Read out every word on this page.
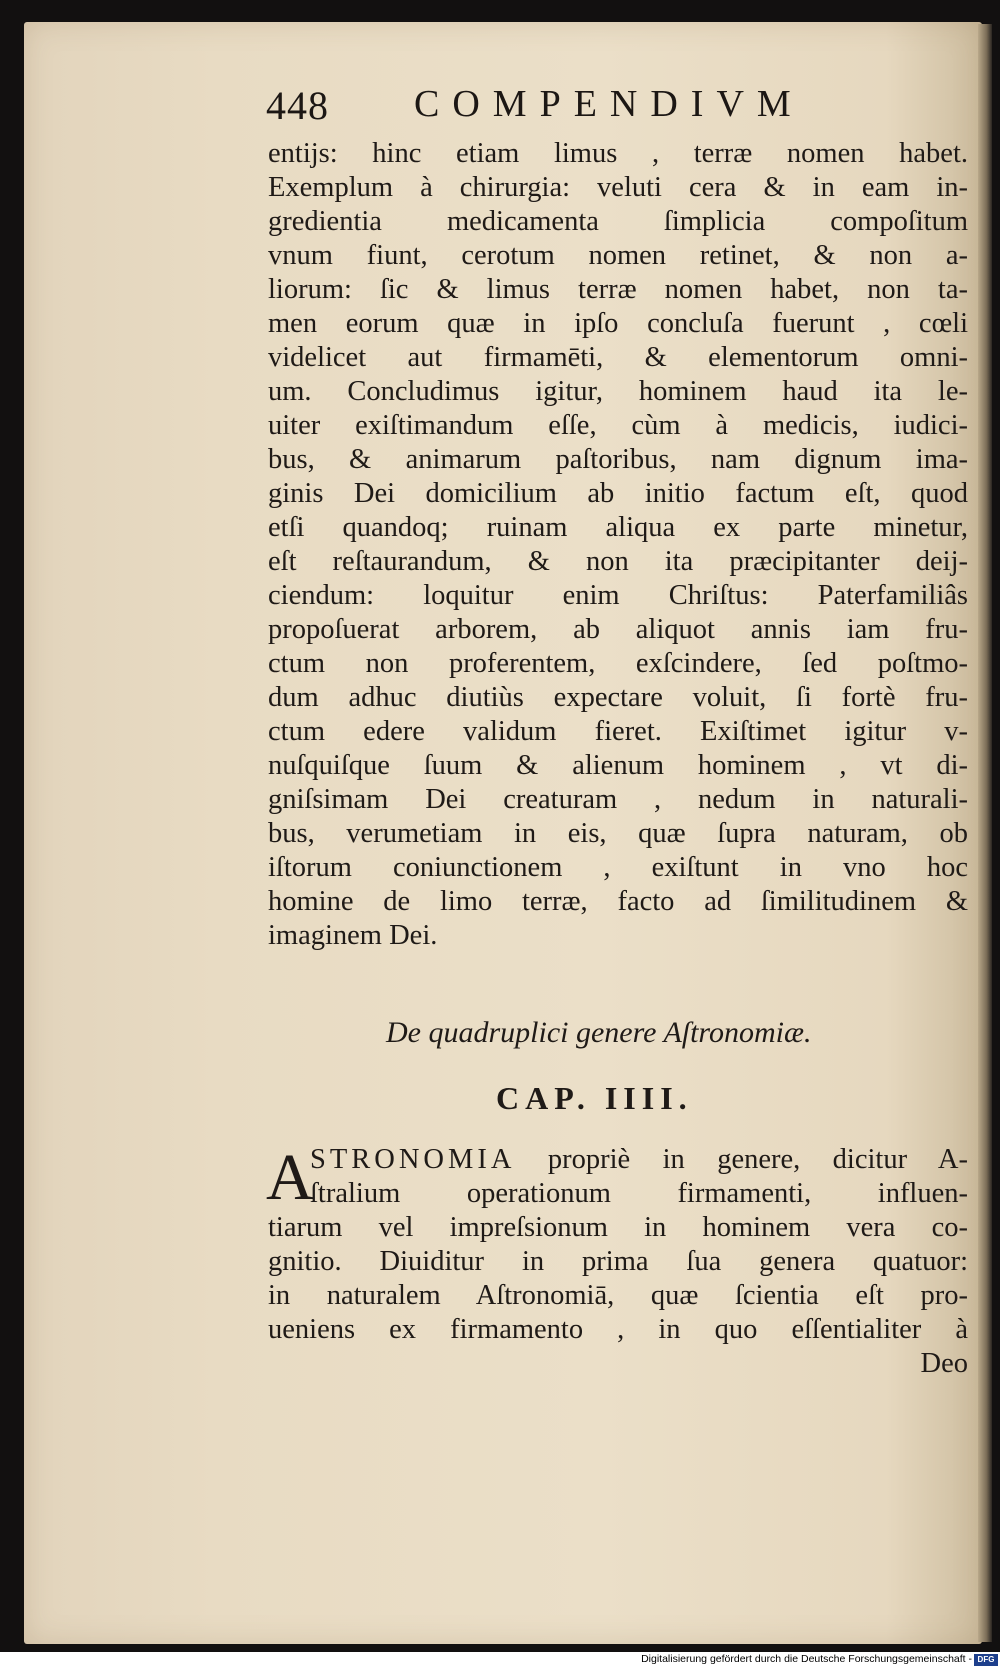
448 COMPENDIVM
entijs: hinc etiam limus , terræ nomen habet.
Exemplum à chirurgia: veluti cera & in eam in-
gredientia medicamenta ſimplicia compoſitum
vnum fiunt, cerotum nomen retinet, & non a-
liorum: ſic & limus terræ nomen habet, non ta-
men eorum quæ in ipſo concluſa fuerunt , cœli
videlicet aut firmamēti, & elementorum omni-
um. Concludimus igitur, hominem haud ita le-
uiter exiſtimandum eſſe, cùm à medicis, iudici-
bus, & animarum paſtoribus, nam dignum ima-
ginis Dei domicilium ab initio factum eſt, quod
etſi quandoq; ruinam aliqua ex parte minetur,
eſt reſtaurandum, & non ita præcipitanter deij-
ciendum: loquitur enim Chriſtus: Paterfamiliâs
propoſuerat arborem, ab aliquot annis iam fru-
ctum non proferentem, exſcindere, ſed poſtmo-
dum adhuc diutiùs expectare voluit, ſi fortè fru-
ctum edere validum fieret. Exiſtimet igitur v-
nuſquiſque ſuum & alienum hominem , vt di-
gniſsimam Dei creaturam , nedum in naturali-
bus, verumetiam in eis, quæ ſupra naturam, ob
iſtorum coniunctionem , exiſtunt in vno hoc
homine de limo terræ, facto ad ſimilitudinem &
imaginem Dei.
De quadruplici genere Aſtronomiæ.
CAP. IIII.
A
STRONOMIA propriè in genere, dicitur A-
ſtralium operationum firmamenti, influen-
tiarum vel impreſsionum in hominem vera co-
gnitio. Diuiditur in prima ſua genera quatuor:
in naturalem Aſtronomiā, quæ ſcientia eſt pro-
ueniens ex firmamento , in quo eſſentialiter à
Deo
Digitalisierung gefördert durch die Deutsche Forschungsgemeinschaft - DFG
